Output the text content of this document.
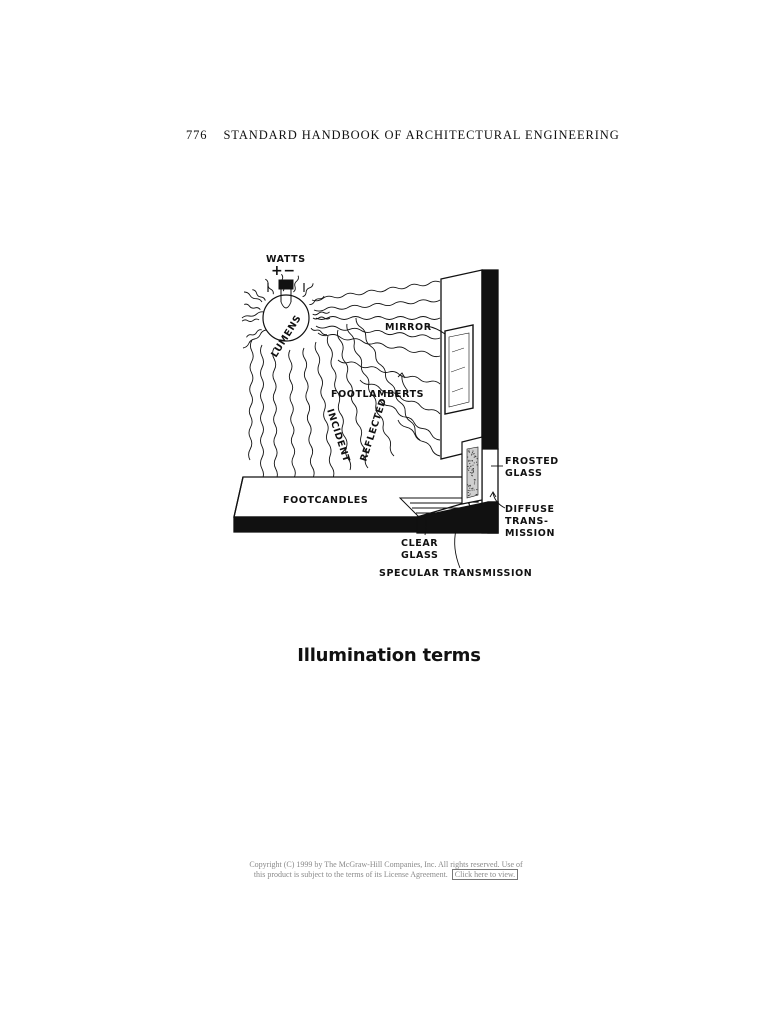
776 STANDARD HANDBOOK OF ARCHITECTURAL ENGINEERING
WATTS
+−
LUMENS	MIRROR
FOOTLAMBERTS
INCIDENT REFLECTED	FROSTED
GLASS
FOOTCANDLES
DIFFUSE
TRANS-
MISSION
CLEAR
GLASS
SPECULAR TRANSMISSION
Illumination terms
Copyright (C) 1999 by The McGraw-Hill Companies, Inc. All rights reserved. Use of
this product is subject to the terms of its License Agreement. Click here to view.
